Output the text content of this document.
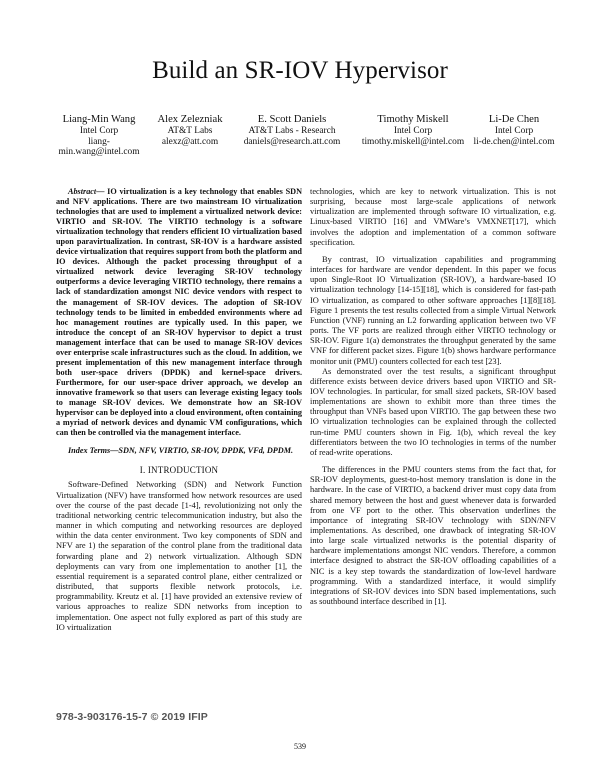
Build an SR-IOV Hypervisor
Liang-Min Wang
Intel Corp
liang-
min.wang@intel.com
Alex Zelezniak
AT&T Labs
alexz@att.com
E. Scott Daniels
AT&T Labs - Research
daniels@research.att.com
Timothy Miskell
Intel Corp
timothy.miskell@intel.com
Li-De Chen
Intel Corp
li-de.chen@intel.com

Abstract— IO virtualization is a key technology that enables SDN and NFV applications. There are two mainstream IO virtualization technologies that are used to implement a virtualized network device: VIRTIO and SR-IOV. The VIRTIO technology is a software virtualization technology that renders efficient IO virtualization based upon paravirtualization. In contrast, SR-IOV is a hardware assisted device virtualization that requires support from both the platform and IO devices. Although the packet processing throughput of a virtualized network device leveraging SR-IOV technology outperforms a device leveraging VIRTIO technology, there remains a lack of standardization amongst NIC device vendors with respect to the management of SR-IOV devices. The adoption of SR-IOV technology tends to be limited in embedded environments where ad hoc management routines are typically used. In this paper, we introduce the concept of an SR-IOV hypervisor to depict a trust management interface that can be used to manage SR-IOV devices over enterprise scale infrastructures such as the cloud. In addition, we present implementation of this new management interface through both user-space drivers (DPDK) and kernel-space drivers. Furthermore, for our user-space driver approach, we develop an innovative framework so that users can leverage existing legacy tools to manage SR-IOV devices. We demonstrate how an SR-IOV hypervisor can be deployed into a cloud environment, often containing a myriad of network devices and dynamic VM configurations, which can then be controlled via the management interface.

Index Terms—SDN, NFV, VIRTIO, SR-IOV, DPDK, VFd, DPDM.

I. INTRODUCTION

Software-Defined Networking (SDN) and Network Function Virtualization (NFV) have transformed how network resources are used over the course of the past decade [1-4], revolutionizing not only the traditional networking centric telecommunication industry, but also the manner in which computing and networking resources are deployed within the data center environment. Two key components of SDN and NFV are 1) the separation of the control plane from the traditional data forwarding plane and 2) network virtualization. Although SDN deployments can vary from one implementation to another [1], the essential requirement is a separated control plane, either centralized or distributed, that supports flexible network protocols, i.e. programmability. Kreutz et al. [1] have provided an extensive review of various approaches to realize SDN networks from inception to implementation. One aspect not fully explored as part of this study are IO virtualization

technologies, which are key to network virtualization. This is not surprising, because most large-scale applications of network virtualization are implemented through software IO virtualization, e.g. Linux-based VIRTIO [16] and VMWare’s VMXNET[17], which involves the adoption and implementation of a common software specification.

By contrast, IO virtualization capabilities and programming interfaces for hardware are vendor dependent. In this paper we focus upon Single-Root IO Virtualization (SR-IOV), a hardware-based IO virtualization technology [14-15][18], which is considered for fast-path IO virtualization, as compared to other software approaches [1][8][18]. Figure 1 presents the test results collected from a simple Virtual Network Function (VNF) running an L2 forwarding application between two VF ports. The VF ports are realized through either VIRTIO technology or SR-IOV. Figure 1(a) demonstrates the throughput generated by the same VNF for different packet sizes. Figure 1(b) shows hardware performance monitor unit (PMU) counters collected for each test [23].

As demonstrated over the test results, a significant throughput difference exists between device drivers based upon VIRTIO and SR-IOV technologies. In particular, for small sized packets, SR-IOV based implementations are shown to exhibit more than three times the throughput than VNFs based upon VIRTIO. The gap between these two IO virtualization technologies can be explained through the collected run-time PMU counters shown in Fig. 1(b), which reveal the key differentiators between the two IO technologies in terms of the number of read-write operations.

The differences in the PMU counters stems from the fact that, for SR-IOV deployments, guest-to-host memory translation is done in the hardware. In the case of VIRTIO, a backend driver must copy data from shared memory between the host and guest whenever data is forwarded from one VF port to the other. This observation underlines the importance of integrating SR-IOV technology with SDN/NFV implementations. As described, one drawback of integrating SR-IOV into large scale virtualized networks is the potential disparity of hardware implementations amongst NIC vendors. Therefore, a common interface designed to abstract the SR-IOV offloading capabilities of a NIC is a key step towards the standardization of low-level hardware programming. With a standardized interface, it would simplify integrations of SR-IOV devices into SDN based implementations, such as southbound interface described in [1].

978-3-903176-15-7 © 2019 IFIP
539
